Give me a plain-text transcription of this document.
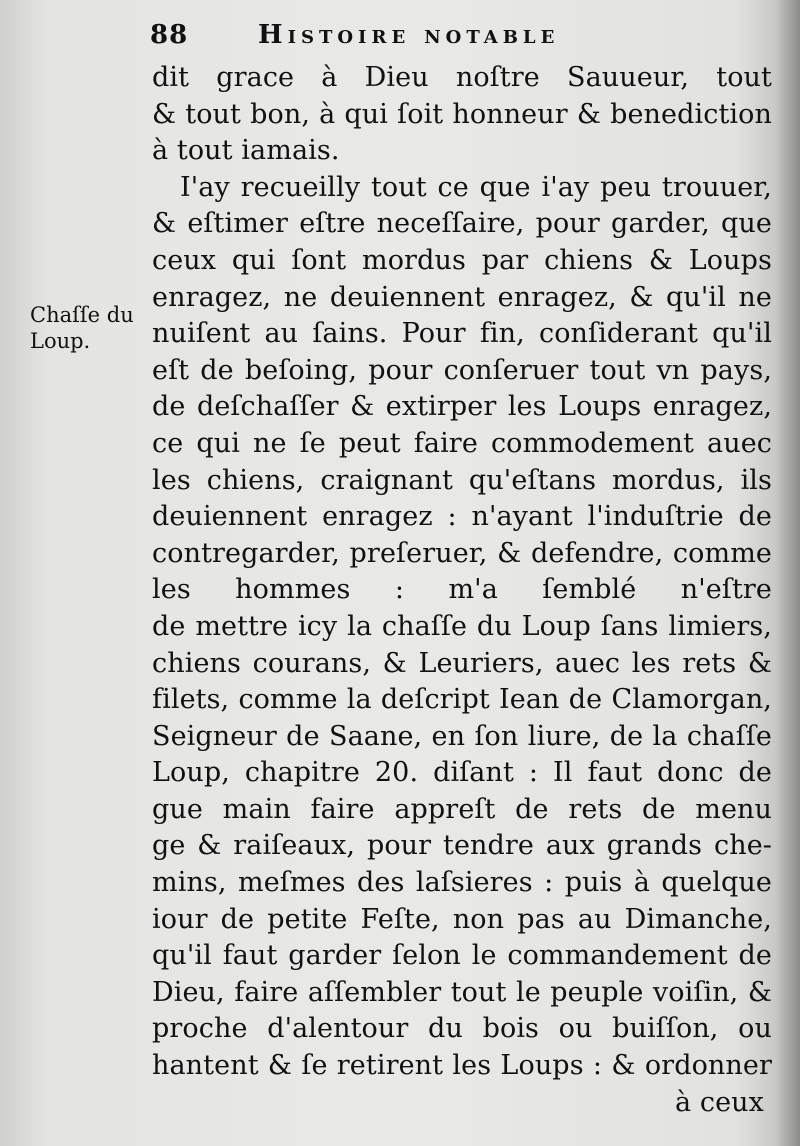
88	Histoire notable
Chaſſe du
Loup.
dit grace à Dieu noſtre Sauueur, tout
& tout bon, à qui ſoit honneur & benediction
à tout iamais.
I'ay recueilly tout ce que i'ay peu trouuer,
& eſtimer eſtre neceſſaire, pour garder, que
ceux qui ſont mordus par chiens & Loups
enragez, ne deuiennent enragez, & qu'il ne
nuiſent au ſains. Pour fin, conſiderant qu'il
eſt de beſoing, pour conſeruer tout vn pays,
de deſchaſſer & extirper les Loups enragez,
ce qui ne ſe peut faire commodement auec
les chiens, craignant qu'eſtans mordus, ils
deuiennent enragez : n'ayant l'induſtrie de
contregarder, preſeruer, & defendre, comme
les hommes : m'a ſemblé n'eſtre
de mettre icy la chaſſe du Loup ſans limiers,
chiens courans, & Leuriers, auec les rets &
filets, comme la deſcript Iean de Clamorgan,
Seigneur de Saane, en ſon liure, de la chaſſe
Loup, chapitre 20. diſant : Il faut donc de
gue main faire appreſt de rets de menu
ge & raiſeaux, pour tendre aux grands che-
mins, meſmes des laſsieres : puis à quelque
iour de petite Feſte, non pas au Dimanche,
qu'il faut garder ſelon le commandement de
Dieu, faire aſſembler tout le peuple voiſin, &
proche d'alentour du bois ou buiſſon, ou
hantent & ſe retirent les Loups : & ordonner
à ceux
